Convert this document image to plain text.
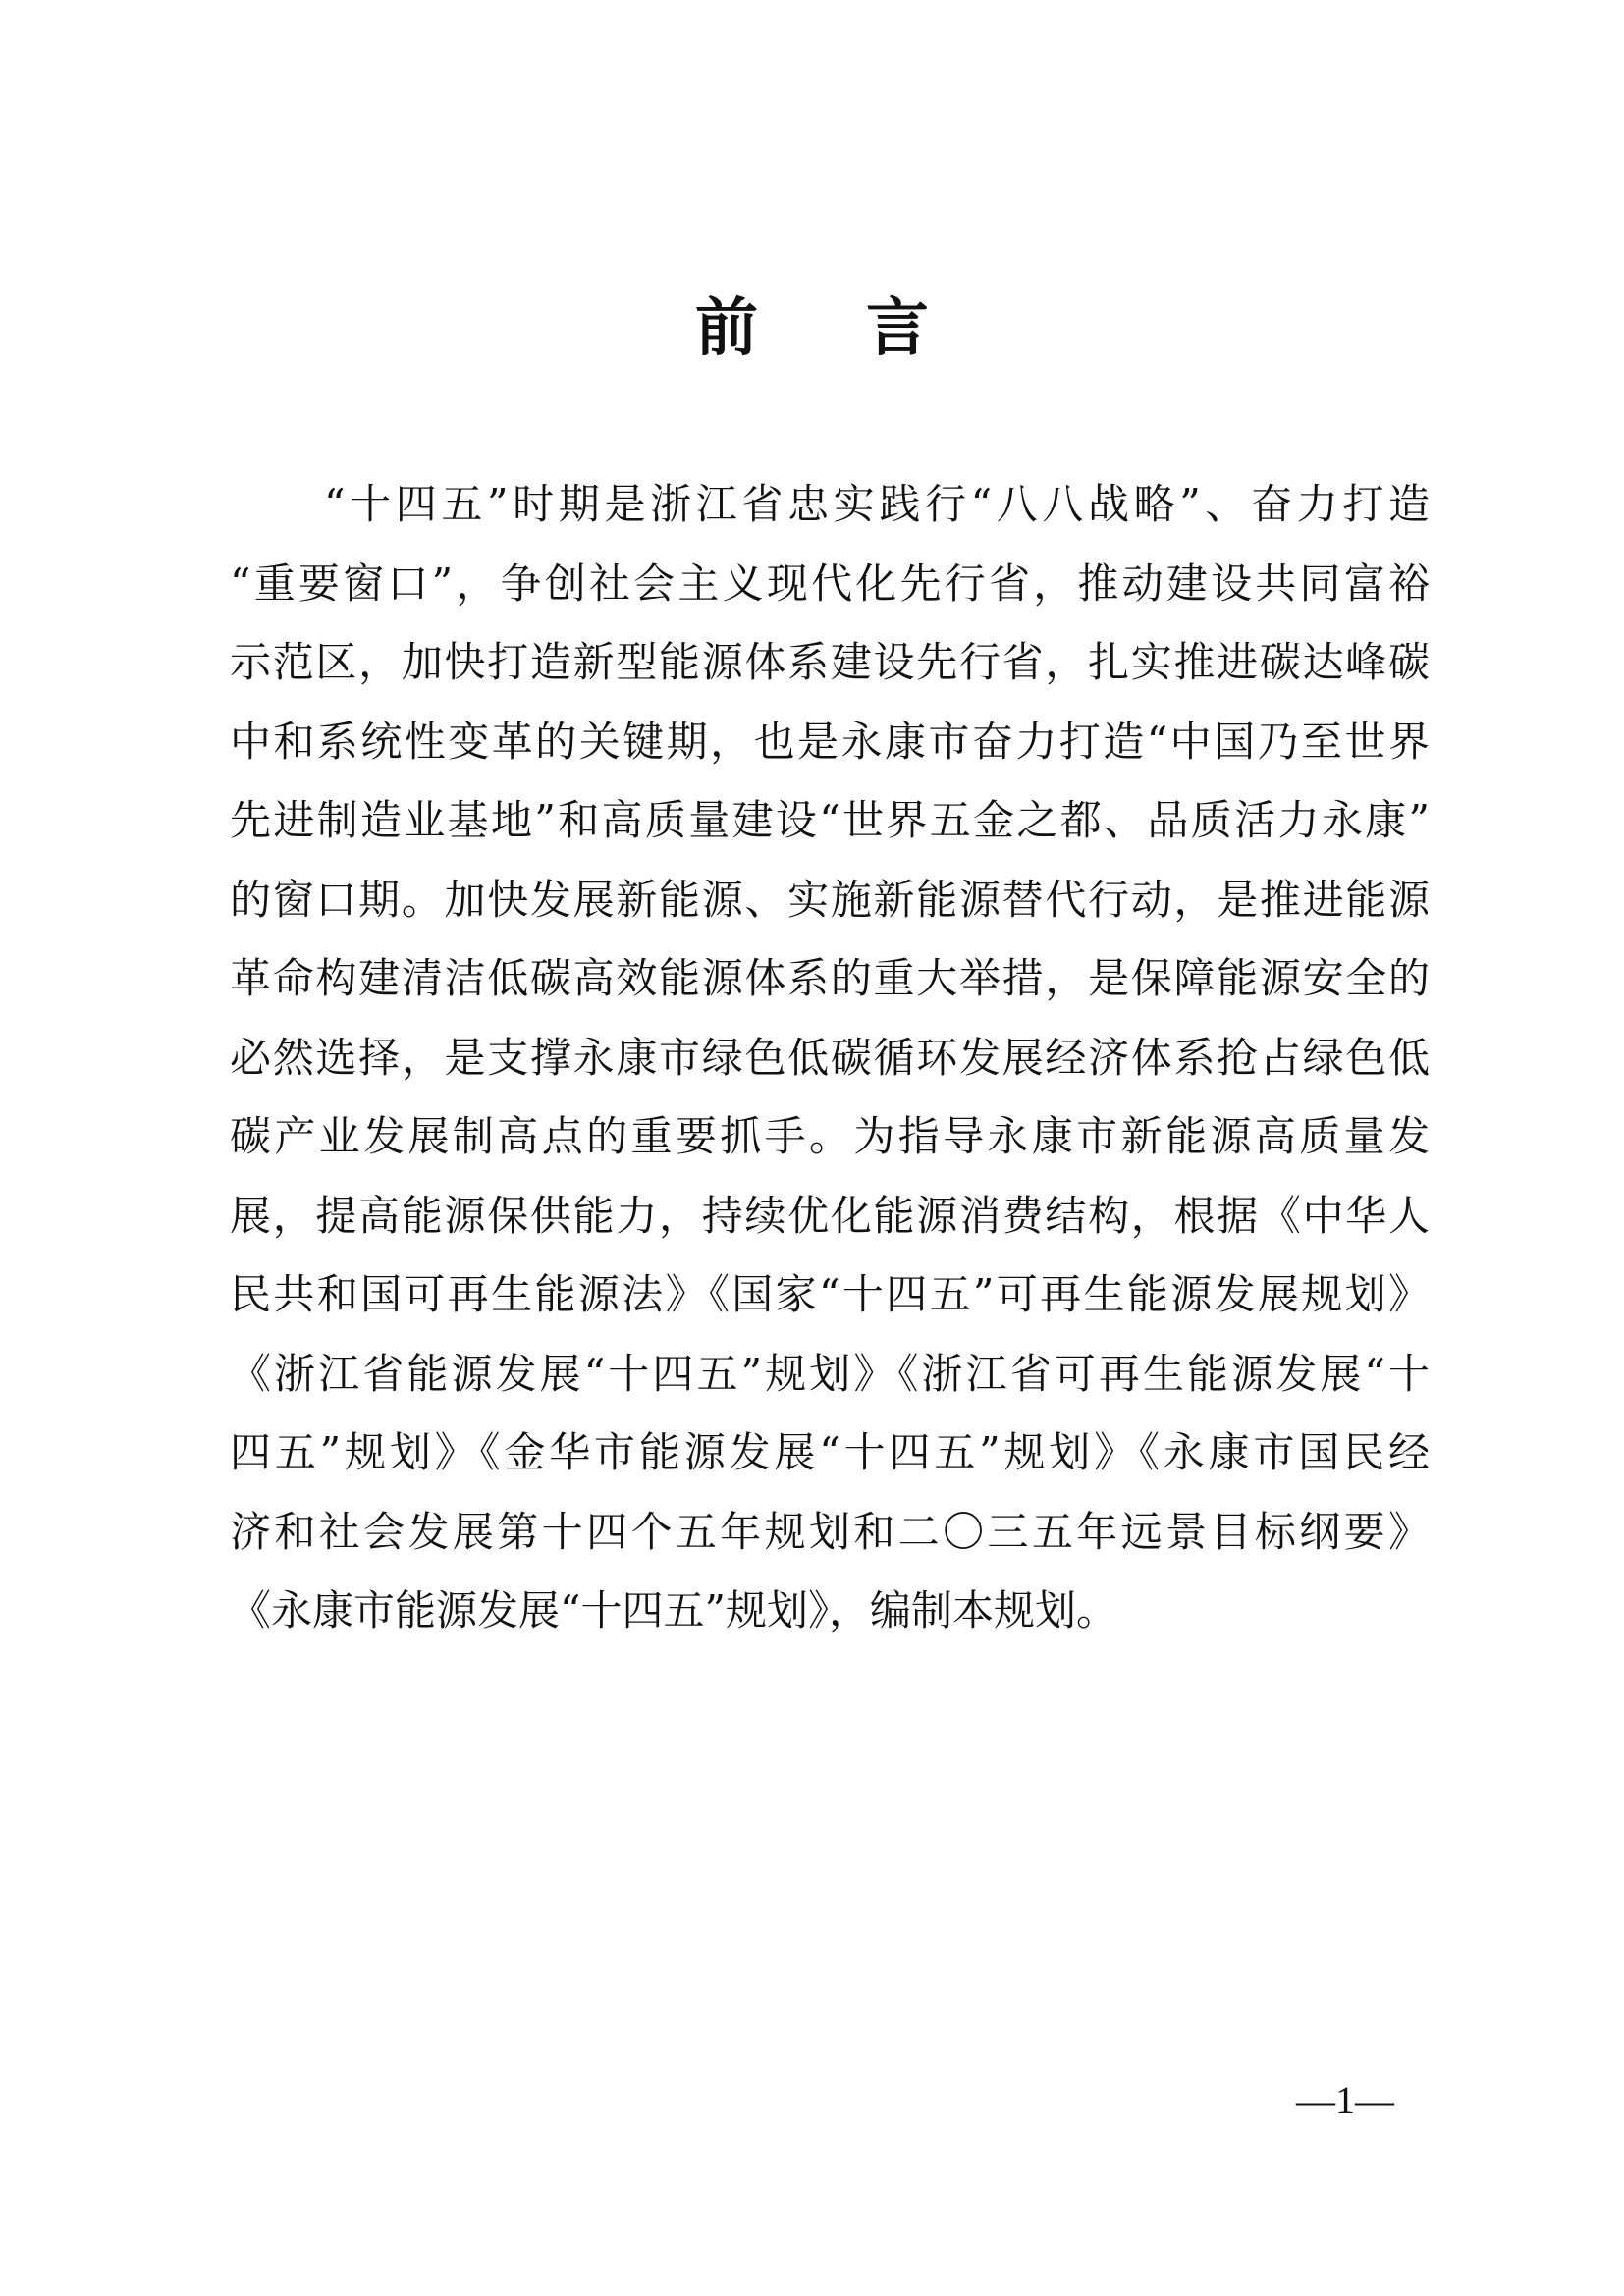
前言
“十四五”时期是浙江省忠实践行“八八战略”、奋力打造
“重要窗口”，争创社会主义现代化先行省，推动建设共同富裕
示范区，加快打造新型能源体系建设先行省，扎实推进碳达峰碳
中和系统性变革的关键期，也是永康市奋力打造“中国乃至世界
先进制造业基地”和高质量建设“世界五金之都、品质活力永康”
的窗口期。加快发展新能源、实施新能源替代行动，是推进能源
革命构建清洁低碳高效能源体系的重大举措，是保障能源安全的
必然选择，是支撑永康市绿色低碳循环发展经济体系抢占绿色低
碳产业发展制高点的重要抓手。为指导永康市新能源高质量发
展，提高能源保供能力，持续优化能源消费结构，根据《中华人
民共和国可再生能源法》《国家“十四五”可再生能源发展规划》
《浙江省能源发展“十四五”规划》《浙江省可再生能源发展“十
四五”规划》《金华市能源发展“十四五”规划》《永康市国民经
济和社会发展第十四个五年规划和二〇三五年远景目标纲要》
《永康市能源发展“十四五”规划》，编制本规划。
—1—
